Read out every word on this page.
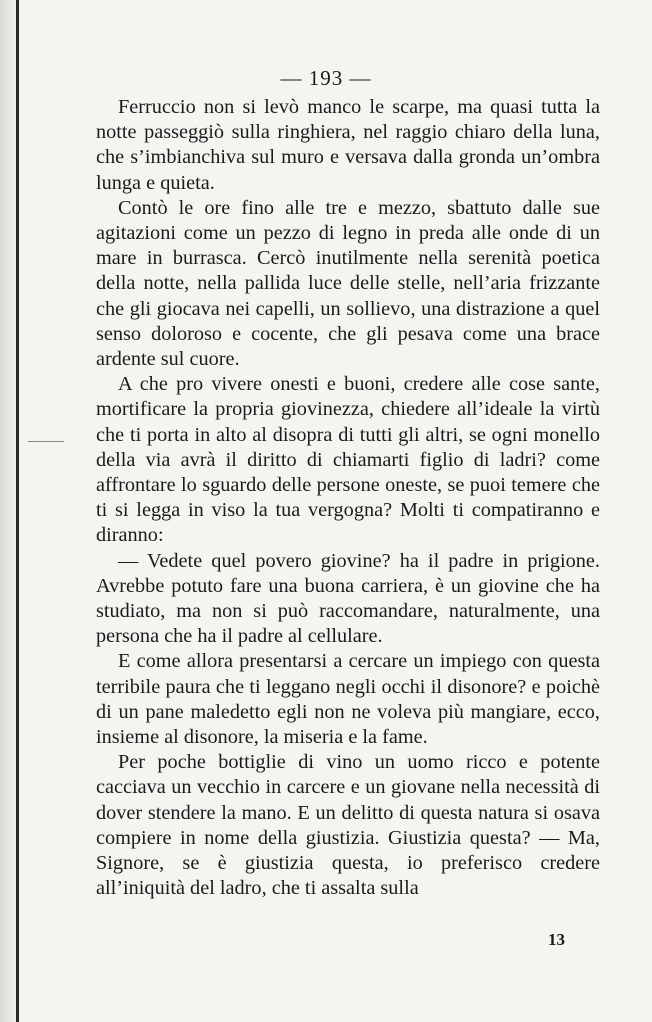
— 193 —

Ferruccio non si levò manco le scarpe, ma quasi tutta la notte passeggiò sulla ringhiera, nel raggio chiaro della luna, che s’imbianchiva sul muro e versava dalla gronda un’ombra lunga e quieta.

Contò le ore fino alle tre e mezzo, sbattuto dalle sue agitazioni come un pezzo di legno in preda alle onde di un mare in burrasca. Cercò inutilmente nella serenità poetica della notte, nella pallida luce delle stelle, nell’aria frizzante che gli giocava nei capelli, un sollievo, una distrazione a quel senso doloroso e cocente, che gli pesava come una brace ardente sul cuore.

A che pro vivere onesti e buoni, credere alle cose sante, mortificare la propria giovinezza, chiedere all’ideale la virtù che ti porta in alto al disopra di tutti gli altri, se ogni monello della via avrà il diritto di chiamarti figlio di ladri? come affrontare lo sguardo delle persone oneste, se puoi temere che ti si legga in viso la tua vergogna? Molti ti compatiranno e diranno:

— Vedete quel povero giovine? ha il padre in prigione. Avrebbe potuto fare una buona carriera, è un giovine che ha studiato, ma non si può raccomandare, naturalmente, una persona che ha il padre al cellulare.

E come allora presentarsi a cercare un impiego con questa terribile paura che ti leggano negli occhi il disonore? e poichè di un pane maledetto egli non ne voleva più mangiare, ecco, insieme al disonore, la miseria e la fame.

Per poche bottiglie di vino un uomo ricco e potente cacciava un vecchio in carcere e un giovane nella necessità di dover stendere la mano. E un delitto di questa natura si osava compiere in nome della giustizia. Giustizia questa? — Ma, Signore, se è giustizia questa, io preferisco credere all’iniquità del ladro, che ti assalta sulla

13
